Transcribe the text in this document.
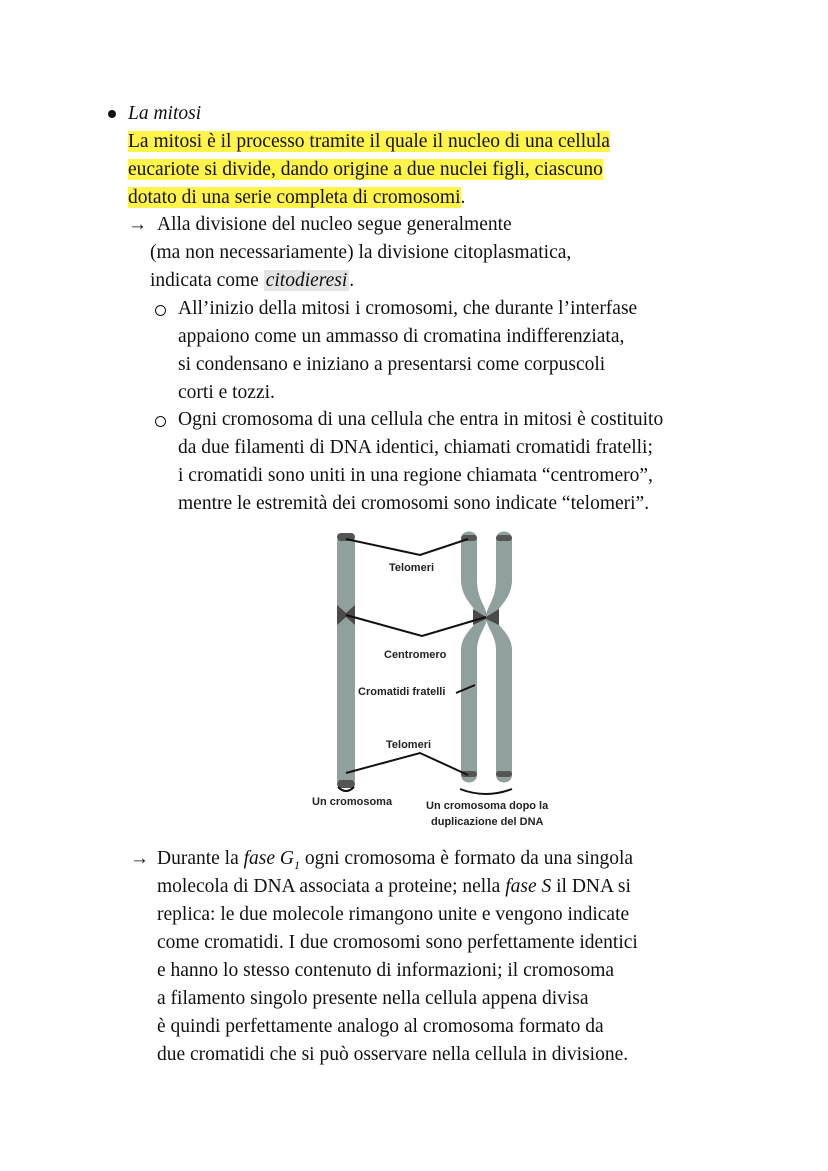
La mitosi
La mitosi è il processo tramite il quale il nucleo di una cellula
eucariote si divide, dando origine a due nuclei figli, ciascuno
dotato di una serie completa di cromosomi.
→ Alla divisione del nucleo segue generalmente
(ma non necessariamente) la divisione citoplasmatica,
indicata come citodieresi .
All’inizio della mitosi i cromosomi, che durante l’interfase
appaiono come un ammasso di cromatina indifferenziata,
si condensano e iniziano a presentarsi come corpuscoli
corti e tozzi.
Ogni cromosoma di una cellula che entra in mitosi è costituito
da due filamenti di DNA identici, chiamati cromatidi fratelli;
i cromatidi sono uniti in una regione chiamata “centromero”,
mentre le estremità dei cromosomi sono indicate “telomeri”.
Telomeri
Centromero
Cromatidi fratelli
Telomeri
Un cromosoma	Un cromosoma dopo la
duplicazione del DNA
→ Durante la fase $G_1$ ogni cromosoma è formato da una singola
molecola di DNA associata a proteine; nella fase S il DNA si
replica: le due molecole rimangono unite e vengono indicate
come cromatidi. I due cromosomi sono perfettamente identici
e hanno lo stesso contenuto di informazioni; il cromosoma
a filamento singolo presente nella cellula appena divisa
è quindi perfettamente analogo al cromosoma formato da
due cromatidi che si può osservare nella cellula in divisione.
